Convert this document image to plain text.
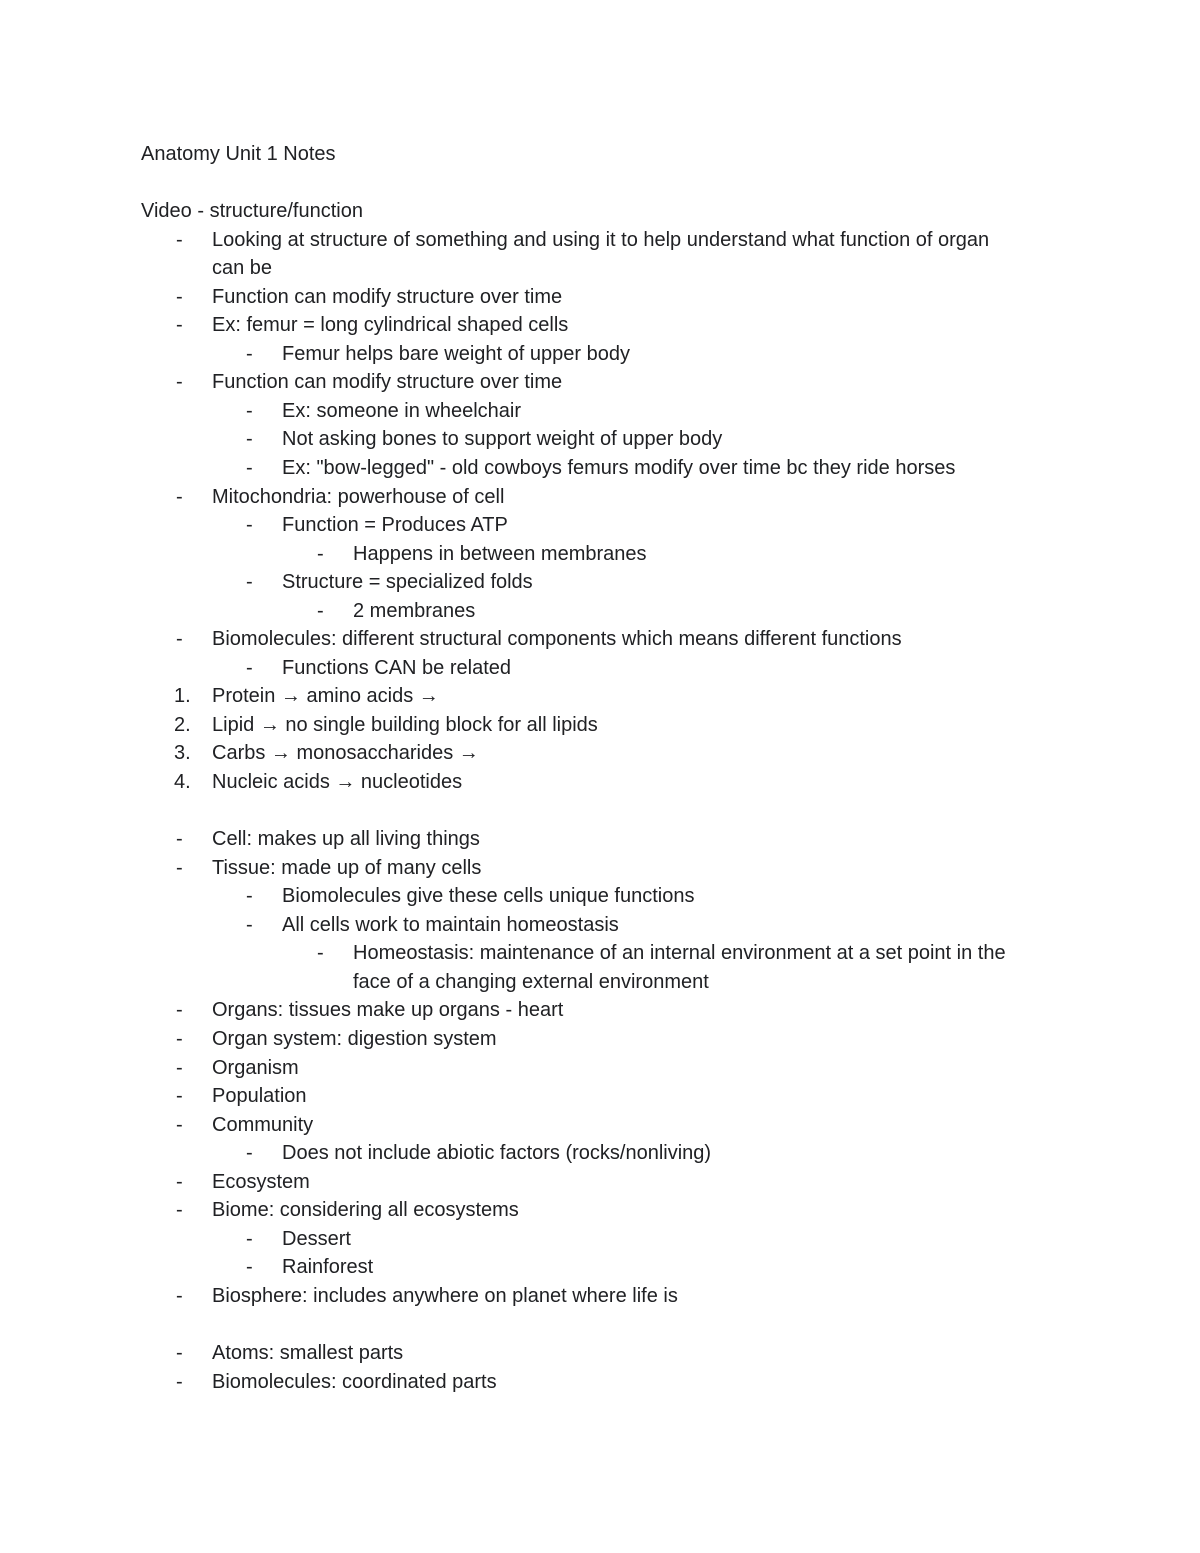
Anatomy Unit 1 Notes
Video - structure/function
- Looking at structure of something and using it to help understand what function of organ
can be
- Function can modify structure over time
- Ex: femur = long cylindrical shaped cells
- Femur helps bare weight of upper body
- Function can modify structure over time
- Ex: someone in wheelchair
- Not asking bones to support weight of upper body
- Ex: "bow-legged" - old cowboys femurs modify over time bc they ride horses
- Mitochondria: powerhouse of cell
- Function = Produces ATP
- Happens in between membranes
- Structure = specialized folds
- 2 membranes
- Biomolecules: different structural components which means different functions
- Functions CAN be related
1. Protein → amino acids →
2. Lipid → no single building block for all lipids
3. Carbs → monosaccharides →
4. Nucleic acids → nucleotides
- Cell: makes up all living things
- Tissue: made up of many cells
- Biomolecules give these cells unique functions
- All cells work to maintain homeostasis
- Homeostasis: maintenance of an internal environment at a set point in the
face of a changing external environment
- Organs: tissues make up organs - heart
- Organ system: digestion system
- Organism
- Population
- Community
- Does not include abiotic factors (rocks/nonliving)
- Ecosystem
- Biome: considering all ecosystems
- Dessert
- Rainforest
- Biosphere: includes anywhere on planet where life is
- Atoms: smallest parts
- Biomolecules: coordinated parts
